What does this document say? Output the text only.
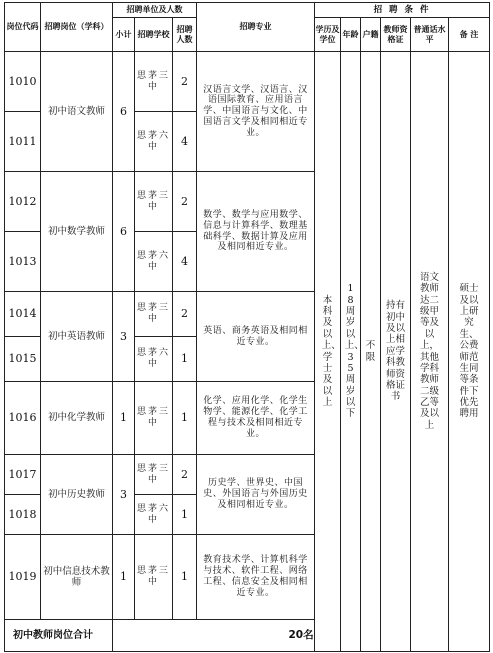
岗位代码	招聘岗位（学科）	招聘单位及人数			招聘专业	招 聘 条 件					
		小计	招聘学校	招聘人数		学历及学位	年龄	户籍	教师资格证	普通话水平	备 注
1010	初中语文教师	6	思茅三中	2	汉语言文学、汉语言、汉语国际教育、应用语言学、中国语言与文化、中国语言文学及相同相近专业。	本科及以上、学士及以上	18周岁以上、35周岁以下	不限	持有初中及以上相应学科教师资格证书	语文教师达二级甲等及以上，其他学科教师二级乙等及以上	硕士及以上研究生、公费师范生同等条件下优先聘用

1011			思茅六中	4							
1012	初中数学教师	6	思茅三中	2	数学、数学与应用数学、信息与计算科学、数理基础科学、数据计算及应用及相同相近专业。						
1013			思茅六中	4							
1014	初中英语教师	3	思茅三中	2	英语、商务英语及相同相近专业。						
1015			思茅六中	1							
1016	初中化学教师	1	思茅三中	1	化学、应用化学、化学生物学、能源化学、化学工程与技术及相同相近专业。						
1017	初中历史教师	3	思茅三中	2	历史学、世界史、中国史、外国语言与外国历史及相同相近专业。						
1018			思茅六中	1							
1019	初中信息技术教师	1	思茅三中	1	教育技术学、计算机科学与技术、软件工程、网络工程、信息安全及相同相近专业。						
初中教师岗位合计		20名									
